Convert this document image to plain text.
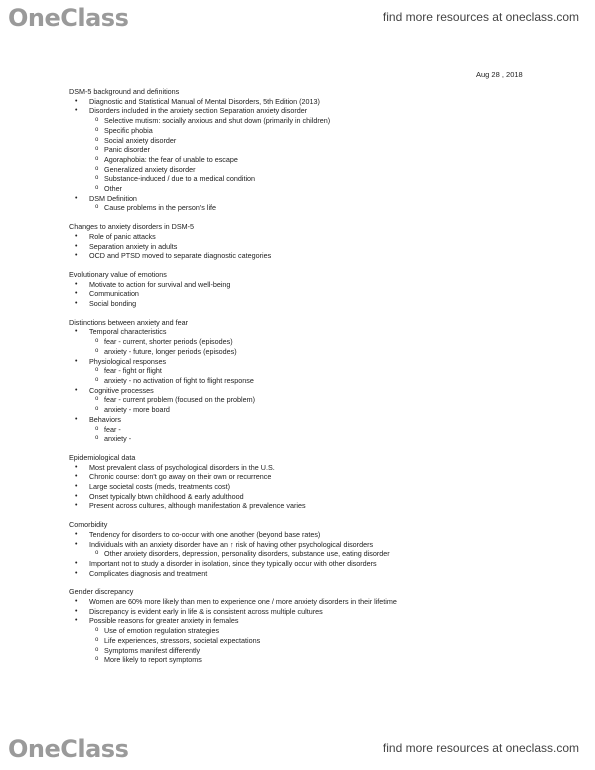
OneClass	find more resources at oneclass.com
Aug 28 , 2018
DSM-5 background and definitions
• Diagnostic and Statistical Manual of Mental Disorders, 5th Edition (2013)
• Disorders included in the anxiety section Separation anxiety disorder
o Selective mutism: socially anxious and shut down (primarily in children)
o Specific phobia
o Social anxiety disorder
o Panic disorder
o Agoraphobia: the fear of unable to escape
o Generalized anxiety disorder
o Substance-induced / due to a medical condition
o Other
• DSM Definition
o Cause problems in the person's life
Changes to anxiety disorders in DSM-5
• Role of panic attacks
• Separation anxiety in adults
• OCD and PTSD moved to separate diagnostic categories
Evolutionary value of emotions
• Motivate to action for survival and well-being
• Communication
• Social bonding
Distinctions between anxiety and fear
• Temporal characteristics
o fear - current, shorter periods (episodes)
o anxiety - future, longer periods (episodes)
• Physiological responses
o fear - fight or flight
o anxiety - no activation of fight to flight response
• Cognitive processes
o fear - current problem (focused on the problem)
o anxiety - more board
• Behaviors
o fear -
o anxiety -
Epidemiological data
• Most prevalent class of psychological disorders in the U.S.
• Chronic course: don't go away on their own or recurrence
• Large societal costs (meds, treatments cost)
• Onset typically btwn childhood & early adulthood
• Present across cultures, although manifestation & prevalence varies
Comorbidity
• Tendency for disorders to co-occur with one another (beyond base rates)
• Individuals with an anxiety disorder have an ↑ risk of having other psychological disorders
o Other anxiety disorders, depression, personality disorders, substance use, eating disorder
• Important not to study a disorder in isolation, since they typically occur with other disorders
• Complicates diagnosis and treatment
Gender discrepancy
• Women are 60% more likely than men to experience one / more anxiety disorders in their lifetime
• Discrepancy is evident early in life & is consistent across multiple cultures
• Possible reasons for greater anxiety in females
o Use of emotion regulation strategies
o Life experiences, stressors, societal expectations
o Symptoms manifest differently
o More likely to report symptoms
OneClass	find more resources at oneclass.com
